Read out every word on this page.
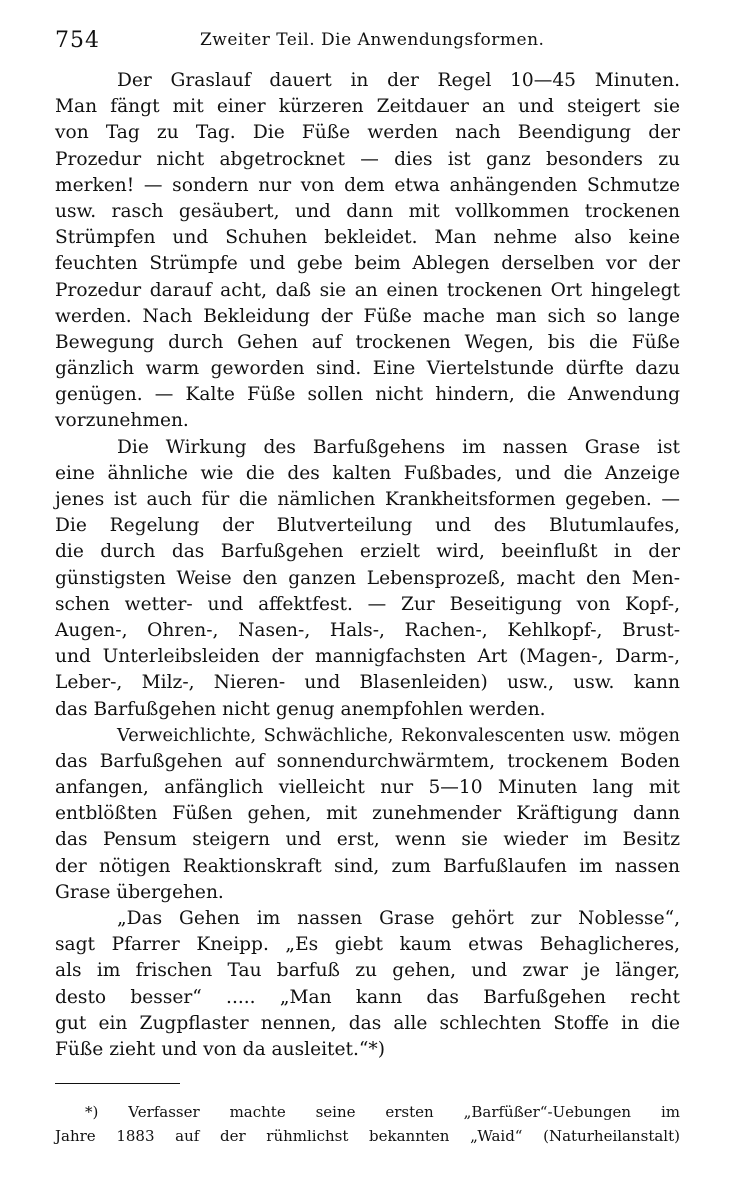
754	Zweiter Teil. Die Anwendungsformen.
Der Graslauf dauert in der Regel 10—45 Minuten.
Man fängt mit einer kürzeren Zeitdauer an und steigert sie
von Tag zu Tag. Die Füße werden nach Beendigung der
Prozedur nicht abgetrocknet — dies ist ganz besonders zu
merken! — sondern nur von dem etwa anhängenden Schmutze
usw. rasch gesäubert, und dann mit vollkommen trockenen
Strümpfen und Schuhen bekleidet. Man nehme also keine
feuchten Strümpfe und gebe beim Ablegen derselben vor der
Prozedur darauf acht, daß sie an einen trockenen Ort hingelegt
werden. Nach Bekleidung der Füße mache man sich so lange
Bewegung durch Gehen auf trockenen Wegen, bis die Füße
gänzlich warm geworden sind. Eine Viertelstunde dürfte dazu
genügen. — Kalte Füße sollen nicht hindern, die Anwendung
vorzunehmen.
Die Wirkung des Barfußgehens im nassen Grase ist
eine ähnliche wie die des kalten Fußbades, und die Anzeige
jenes ist auch für die nämlichen Krankheitsformen gegeben. —
Die Regelung der Blutverteilung und des Blutumlaufes,
die durch das Barfußgehen erzielt wird, beeinflußt in der
günstigsten Weise den ganzen Lebensprozeß, macht den Men-
schen wetter- und affektfest. — Zur Beseitigung von Kopf-,
Augen-, Ohren-, Nasen-, Hals-, Rachen-, Kehlkopf-, Brust-
und Unterleibsleiden der mannigfachsten Art (Magen-, Darm-,
Leber-, Milz-, Nieren- und Blasenleiden) usw., usw. kann
das Barfußgehen nicht genug anempfohlen werden.
Verweichlichte, Schwächliche, Rekonvalescenten usw. mögen
das Barfußgehen auf sonnendurchwärmtem, trockenem Boden
anfangen, anfänglich vielleicht nur 5—10 Minuten lang mit
entblößten Füßen gehen, mit zunehmender Kräftigung dann
das Pensum steigern und erst, wenn sie wieder im Besitz
der nötigen Reaktionskraft sind, zum Barfußlaufen im nassen
Grase übergehen.
„Das Gehen im nassen Grase gehört zur Noblesse“,
sagt Pfarrer Kneipp. „Es giebt kaum etwas Behaglicheres,
als im frischen Tau barfuß zu gehen, und zwar je länger,
desto besser“ ..... „Man kann das Barfußgehen recht
gut ein Zugpflaster nennen, das alle schlechten Stoffe in die
Füße zieht und von da ausleitet.“*)
*) Verfasser machte seine ersten „Barfüßer“-Uebungen im
Jahre 1883 auf der rühmlichst bekannten „Waid“ (Naturheilanstalt)
